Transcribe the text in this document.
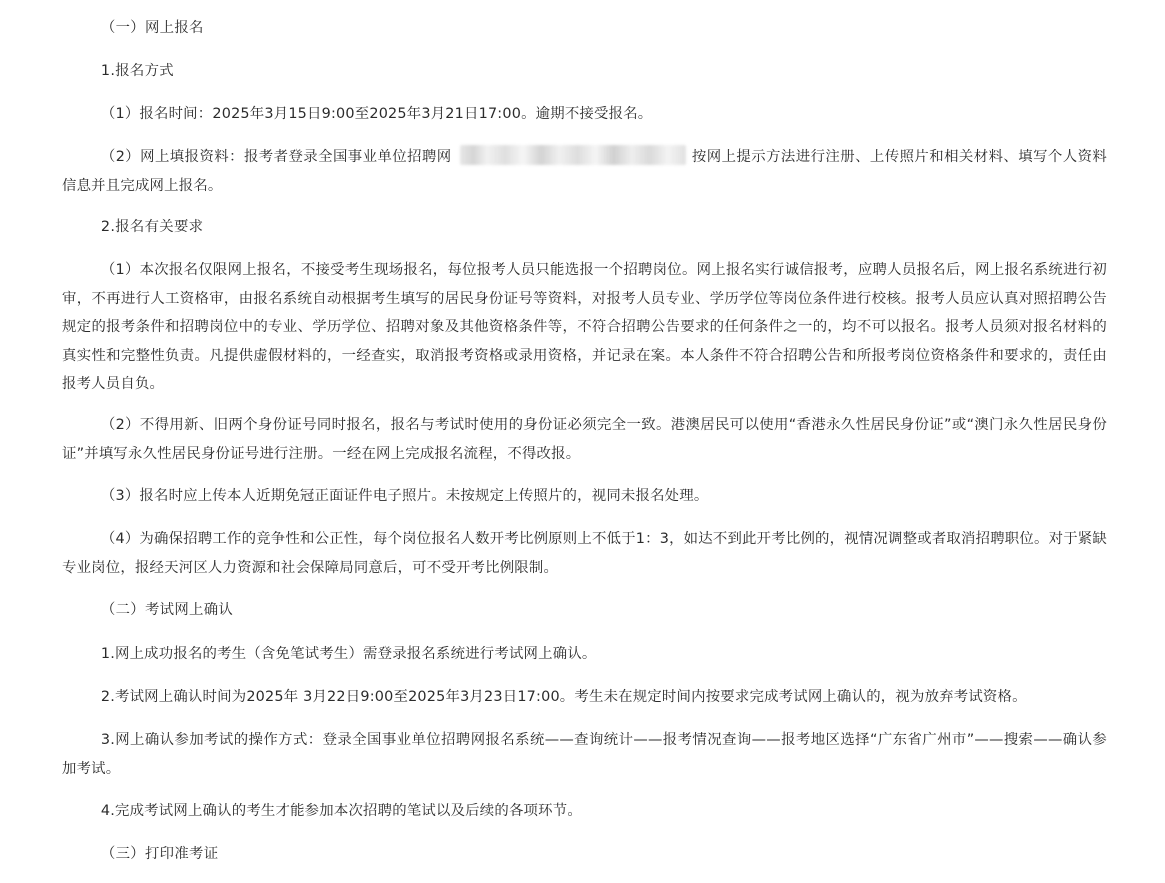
（一）网上报名

1.报名方式

（1）报名时间：2025年3月15日9:00至2025年3月21日17:00。逾期不接受报名。

（2）网上填报资料：报考者登录全国事业单位招聘网	按网上提示方法进行注册、上传照片和相关材料、填写个人资料信息并且完成网上报名。

2.报名有关要求

（1）本次报名仅限网上报名，不接受考生现场报名，每位报考人员只能选报一个招聘岗位。网上报名实行诚信报考，应聘人员报名后，网上报名系统进行初审，不再进行人工资格审，由报名系统自动根据考生填写的居民身份证号等资料，对报考人员专业、学历学位等岗位条件进行校核。报考人员应认真对照招聘公告规定的报考条件和招聘岗位中的专业、学历学位、招聘对象及其他资格条件等，不符合招聘公告要求的任何条件之一的，均不可以报名。报考人员须对报名材料的真实性和完整性负责。凡提供虚假材料的，一经查实，取消报考资格或录用资格，并记录在案。本人条件不符合招聘公告和所报考岗位资格条件和要求的，责任由报考人员自负。

（2）不得用新、旧两个身份证号同时报名，报名与考试时使用的身份证必须完全一致。港澳居民可以使用“香港永久性居民身份证”或“澳门永久性居民身份证”并填写永久性居民身份证号进行注册。一经在网上完成报名流程，不得改报。

（3）报名时应上传本人近期免冠正面证件电子照片。未按规定上传照片的，视同未报名处理。

（4）为确保招聘工作的竞争性和公正性，每个岗位报名人数开考比例原则上不低于1：3，如达不到此开考比例的，视情况调整或者取消招聘职位。对于紧缺专业岗位，报经天河区人力资源和社会保障局同意后，可不受开考比例限制。

（二）考试网上确认

1.网上成功报名的考生（含免笔试考生）需登录报名系统进行考试网上确认。

2.考试网上确认时间为2025年 3月22日9:00至2025年3月23日17:00。考生未在规定时间内按要求完成考试网上确认的，视为放弃考试资格。

3.网上确认参加考试的操作方式：登录全国事业单位招聘网报名系统——查询统计——报考情况查询——报考地区选择“广东省广州市”——搜索——确认参加考试。

4.完成考试网上确认的考生才能参加本次招聘的笔试以及后续的各项环节。

（三）打印准考证
